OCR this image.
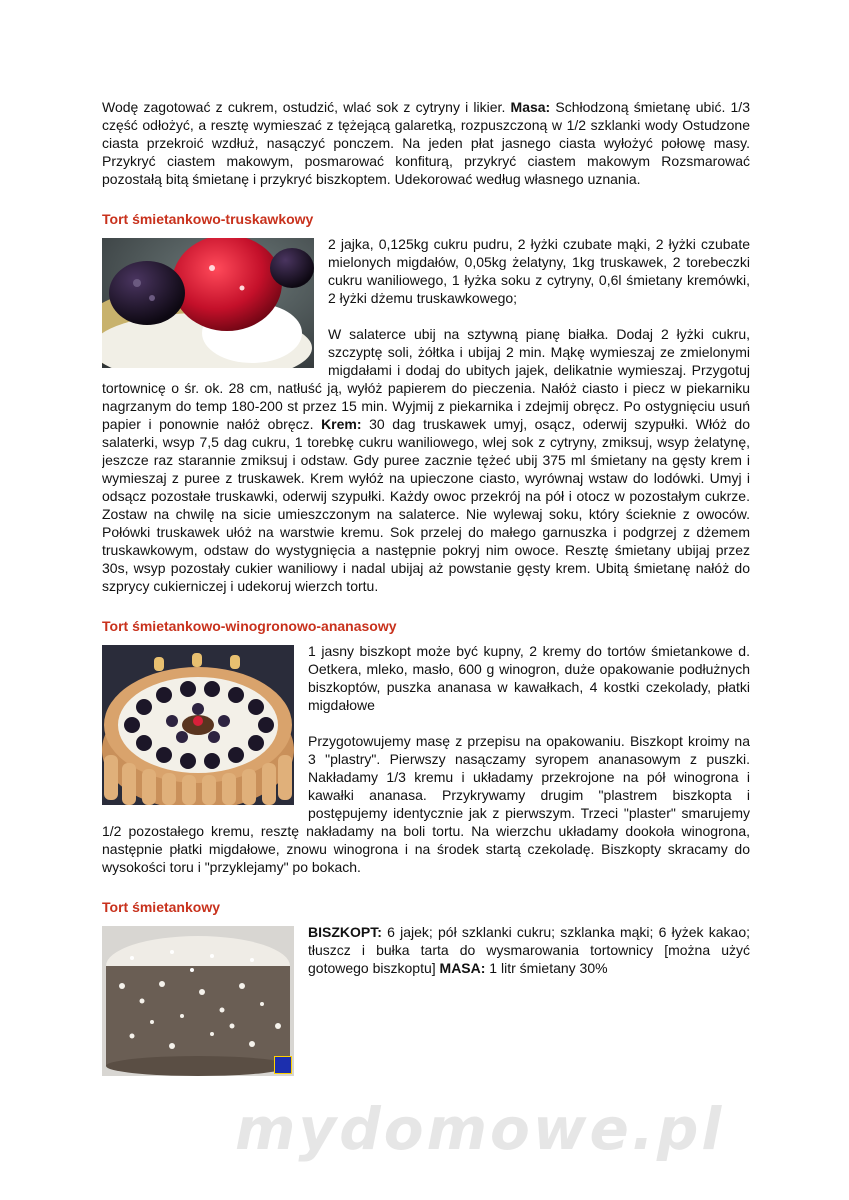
Wodę zagotować z cukrem, ostudzić, wlać sok z cytryny i likier. Masa: Schłodzoną śmietanę ubić. 1/3 część odłożyć, a resztę wymieszać z tężejącą galaretką, rozpuszczoną w 1/2 szklanki wody Ostudzone ciasta przekroić wzdłuż, nasączyć ponczem. Na jeden płat jasnego ciasta wyłożyć połowę masy. Przykryć ciastem makowym, posmarować konfiturą, przykryć ciastem makowym Rozsmarować pozostałą bitą śmietanę i przykryć biszkoptem. Udekorować według własnego uznania.

Tort śmietankowo-truskawkowy

2 jajka, 0,125kg cukru pudru, 2 łyżki czubate mąki, 2 łyżki czubate mielonych migdałów, 0,05kg żelatyny, 1kg truskawek, 2 torebeczki cukru waniliowego, 1 łyżka soku z cytryny, 0,6l śmietany kremówki, 2 łyżki dżemu truskawkowego;

W salaterce ubij na sztywną pianę białka. Dodaj 2 łyżki cukru, szczyptę soli, żółtka i ubijaj 2 min. Mąkę wymieszaj ze zmielonymi migdałami i dodaj do ubitych jajek, delikatnie wymieszaj. Przygotuj tortownicę o śr. ok. 28 cm, natłuść ją, wyłóż papierem do pieczenia. Nałóż ciasto i piecz w piekarniku nagrzanym do temp 180-200 st przez 15 min. Wyjmij z piekarnika i zdejmij obręcz. Po ostygnięciu usuń papier i ponownie nałóż obręcz. Krem: 30 dag truskawek umyj, osącz, oderwij szypułki. Włóż do salaterki, wsyp 7,5 dag cukru, 1 torebkę cukru waniliowego, wlej sok z cytryny, zmiksuj, wsyp żelatynę, jeszcze raz starannie zmiksuj i odstaw. Gdy puree zacznie tężeć ubij 375 ml śmietany na gęsty krem i wymieszaj z puree z truskawek. Krem wyłóż na upieczone ciasto, wyrównaj wstaw do lodówki. Umyj i odsącz pozostałe truskawki, oderwij szypułki. Każdy owoc przekrój na pół i otocz w pozostałym cukrze. Zostaw na chwilę na sicie umieszczonym na salaterce. Nie wylewaj soku, który ścieknie z owoców. Połówki truskawek ułóż na warstwie kremu. Sok przelej do małego garnuszka i podgrzej z dżemem truskawkowym, odstaw do wystygnięcia a następnie pokryj nim owoce. Resztę śmietany ubijaj przez 30s, wsyp pozostały cukier waniliowy i nadal ubijaj aż powstanie gęsty krem. Ubitą śmietanę nałóż do szprycy cukierniczej i udekoruj wierzch tortu.

Tort śmietankowo-winogronowo-ananasowy

1 jasny biszkopt może być kupny, 2 kremy do tortów śmietankowe d. Oetkera, mleko, masło, 600 g winogron, duże opakowanie podłużnych biszkoptów, puszka ananasa w kawałkach, 4 kostki czekolady, płatki migdałowe

Przygotowujemy masę z przepisu na opakowaniu. Biszkopt kroimy na 3 "plastry". Pierwszy nasączamy syropem ananasowym z puszki. Nakładamy 1/3 kremu i układamy przekrojone na pół winogrona i kawałki ananasa. Przykrywamy drugim "plastrem biszkopta i postępujemy identycznie jak z pierwszym. Trzeci "plaster" smarujemy 1/2 pozostałego kremu, resztę nakładamy na boli tortu. Na wierzchu układamy dookoła winogrona, następnie płatki migdałowe, znowu winogrona i na środek startą czekoladę. Biszkopty skracamy do wysokości toru i "przyklejamy" po bokach.

Tort śmietankowy

BISZKOPT: 6 jajek; pół szklanki cukru; szklanka mąki; 6 łyżek kakao; tłuszcz i bułka tarta do wysmarowania tortownicy [można użyć gotowego biszkoptu] MASA: 1 litr śmietany 30%

mydomowe.pl
